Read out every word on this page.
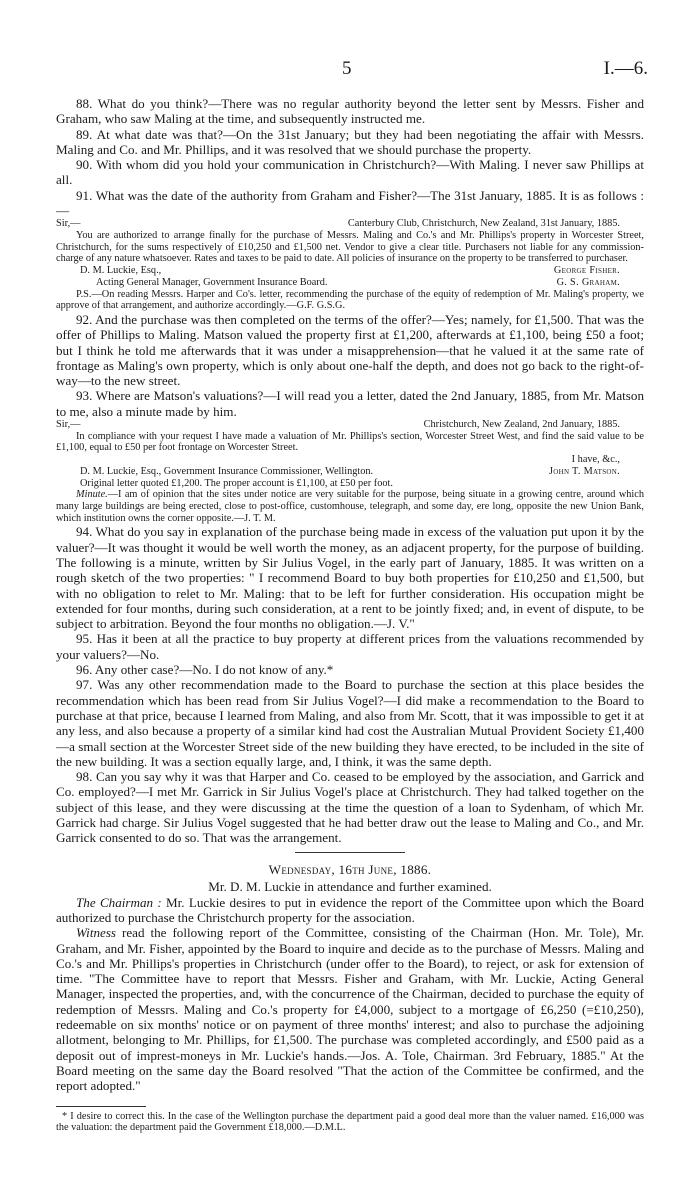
5	I.—6.

88. What do you think?—There was no regular authority beyond the letter sent by Messrs. Fisher and Graham, who saw Maling at the time, and subsequently instructed me.

89. At what date was that?—On the 31st January; but they had been negotiating the affair with Messrs. Maling and Co. and Mr. Phillips, and it was resolved that we should purchase the property.

90. With whom did you hold your communication in Christchurch?—With Maling. I never saw Phillips at all.

91. What was the date of the authority from Graham and Fisher?—The 31st January, 1885. It is as follows :—

Sir,—	Canterbury Club, Christchurch, New Zealand, 31st January, 1885.

You are authorized to arrange finally for the purchase of Messrs. Maling and Co.'s and Mr. Phillips's property in Worcester Street, Christchurch, for the sums respectively of £10,250 and £1,500 net. Vendor to give a clear title. Purchasers not liable for any commission-charge of any nature whatsoever. Rates and taxes to be paid to date. All policies of insurance on the property to be transferred to purchaser.

D. M. Luckie, Esq.,	George Fisher.
Acting General Manager, Government Insurance Board.	G. S. Graham.

P.S.—On reading Messrs. Harper and Co's. letter, recommending the purchase of the equity of redemption of Mr. Maling's property, we approve of that arrangement, and authorize accordingly.—G.F. G.S.G.

92. And the purchase was then completed on the terms of the offer?—Yes; namely, for £1,500. That was the offer of Phillips to Maling. Matson valued the property first at £1,200, afterwards at £1,100, being £50 a foot; but I think he told me afterwards that it was under a misapprehension—that he valued it at the same rate of frontage as Maling's own property, which is only about one-half the depth, and does not go back to the right-of-way—to the new street.

93. Where are Matson's valuations?—I will read you a letter, dated the 2nd January, 1885, from Mr. Matson to me, also a minute made by him.

Sir,—	Christchurch, New Zealand, 2nd January, 1885.

In compliance with your request I have made a valuation of Mr. Phillips's section, Worcester Street West, and find the said value to be £1,100, equal to £50 per foot frontage on Worcester Street.

I have, &c.,
D. M. Luckie, Esq., Government Insurance Commissioner, Wellington.	John T. Matson.

Original letter quoted £1,200. The proper account is £1,100, at £50 per foot.

Minute.—I am of opinion that the sites under notice are very suitable for the purpose, being situate in a growing centre, around which many large buildings are being erected, close to post-office, customhouse, telegraph, and some day, ere long, opposite the new Union Bank, which institution owns the corner opposite.—J. T. M.

94. What do you say in explanation of the purchase being made in excess of the valuation put upon it by the valuer?—It was thought it would be well worth the money, as an adjacent property, for the purpose of building. The following is a minute, written by Sir Julius Vogel, in the early part of January, 1885. It was written on a rough sketch of the two properties: " I recommend Board to buy both properties for £10,250 and £1,500, but with no obligation to relet to Mr. Maling: that to be left for further consideration. His occupation might be extended for four months, during such consideration, at a rent to be jointly fixed; and, in event of dispute, to be subject to arbitration. Beyond the four months no obligation.—J. V."

95. Has it been at all the practice to buy property at different prices from the valuations recommended by your valuers?—No.

96. Any other case?—No. I do not know of any.*

97. Was any other recommendation made to the Board to purchase the section at this place besides the recommendation which has been read from Sir Julius Vogel?—I did make a recommendation to the Board to purchase at that price, because I learned from Maling, and also from Mr. Scott, that it was impossible to get it at any less, and also because a property of a similar kind had cost the Australian Mutual Provident Society £1,400—a small section at the Worcester Street side of the new building they have erected, to be included in the site of the new building. It was a section equally large, and, I think, it was the same depth.

98. Can you say why it was that Harper and Co. ceased to be employed by the association, and Garrick and Co. employed?—I met Mr. Garrick in Sir Julius Vogel's place at Christchurch. They had talked together on the subject of this lease, and they were discussing at the time the question of a loan to Sydenham, of which Mr. Garrick had charge. Sir Julius Vogel suggested that he had better draw out the lease to Maling and Co., and Mr. Garrick consented to do so. That was the arrangement.

Wednesday, 16th June, 1886.
Mr. D. M. Luckie in attendance and further examined.

The Chairman : Mr. Luckie desires to put in evidence the report of the Committee upon which the Board authorized to purchase the Christchurch property for the association.

Witness read the following report of the Committee, consisting of the Chairman (Hon. Mr. Tole), Mr. Graham, and Mr. Fisher, appointed by the Board to inquire and decide as to the purchase of Messrs. Maling and Co.'s and Mr. Phillips's properties in Christchurch (under offer to the Board), to reject, or ask for extension of time. "The Committee have to report that Messrs. Fisher and Graham, with Mr. Luckie, Acting General Manager, inspected the properties, and, with the concurrence of the Chairman, decided to purchase the equity of redemption of Messrs. Maling and Co.'s property for £4,000, subject to a mortgage of £6,250 (=£10,250), redeemable on six months' notice or on payment of three months' interest; and also to purchase the adjoining allotment, belonging to Mr. Phillips, for £1,500. The purchase was completed accordingly, and £500 paid as a deposit out of imprest-moneys in Mr. Luckie's hands.—Jos. A. Tole, Chairman. 3rd February, 1885." At the Board meeting on the same day the Board resolved "That the action of the Committee be confirmed, and the report adopted."

* I desire to correct this. In the case of the Wellington purchase the department paid a good deal more than the valuer named. £16,000 was the valuation: the department paid the Government £18,000.—D.M.L.
